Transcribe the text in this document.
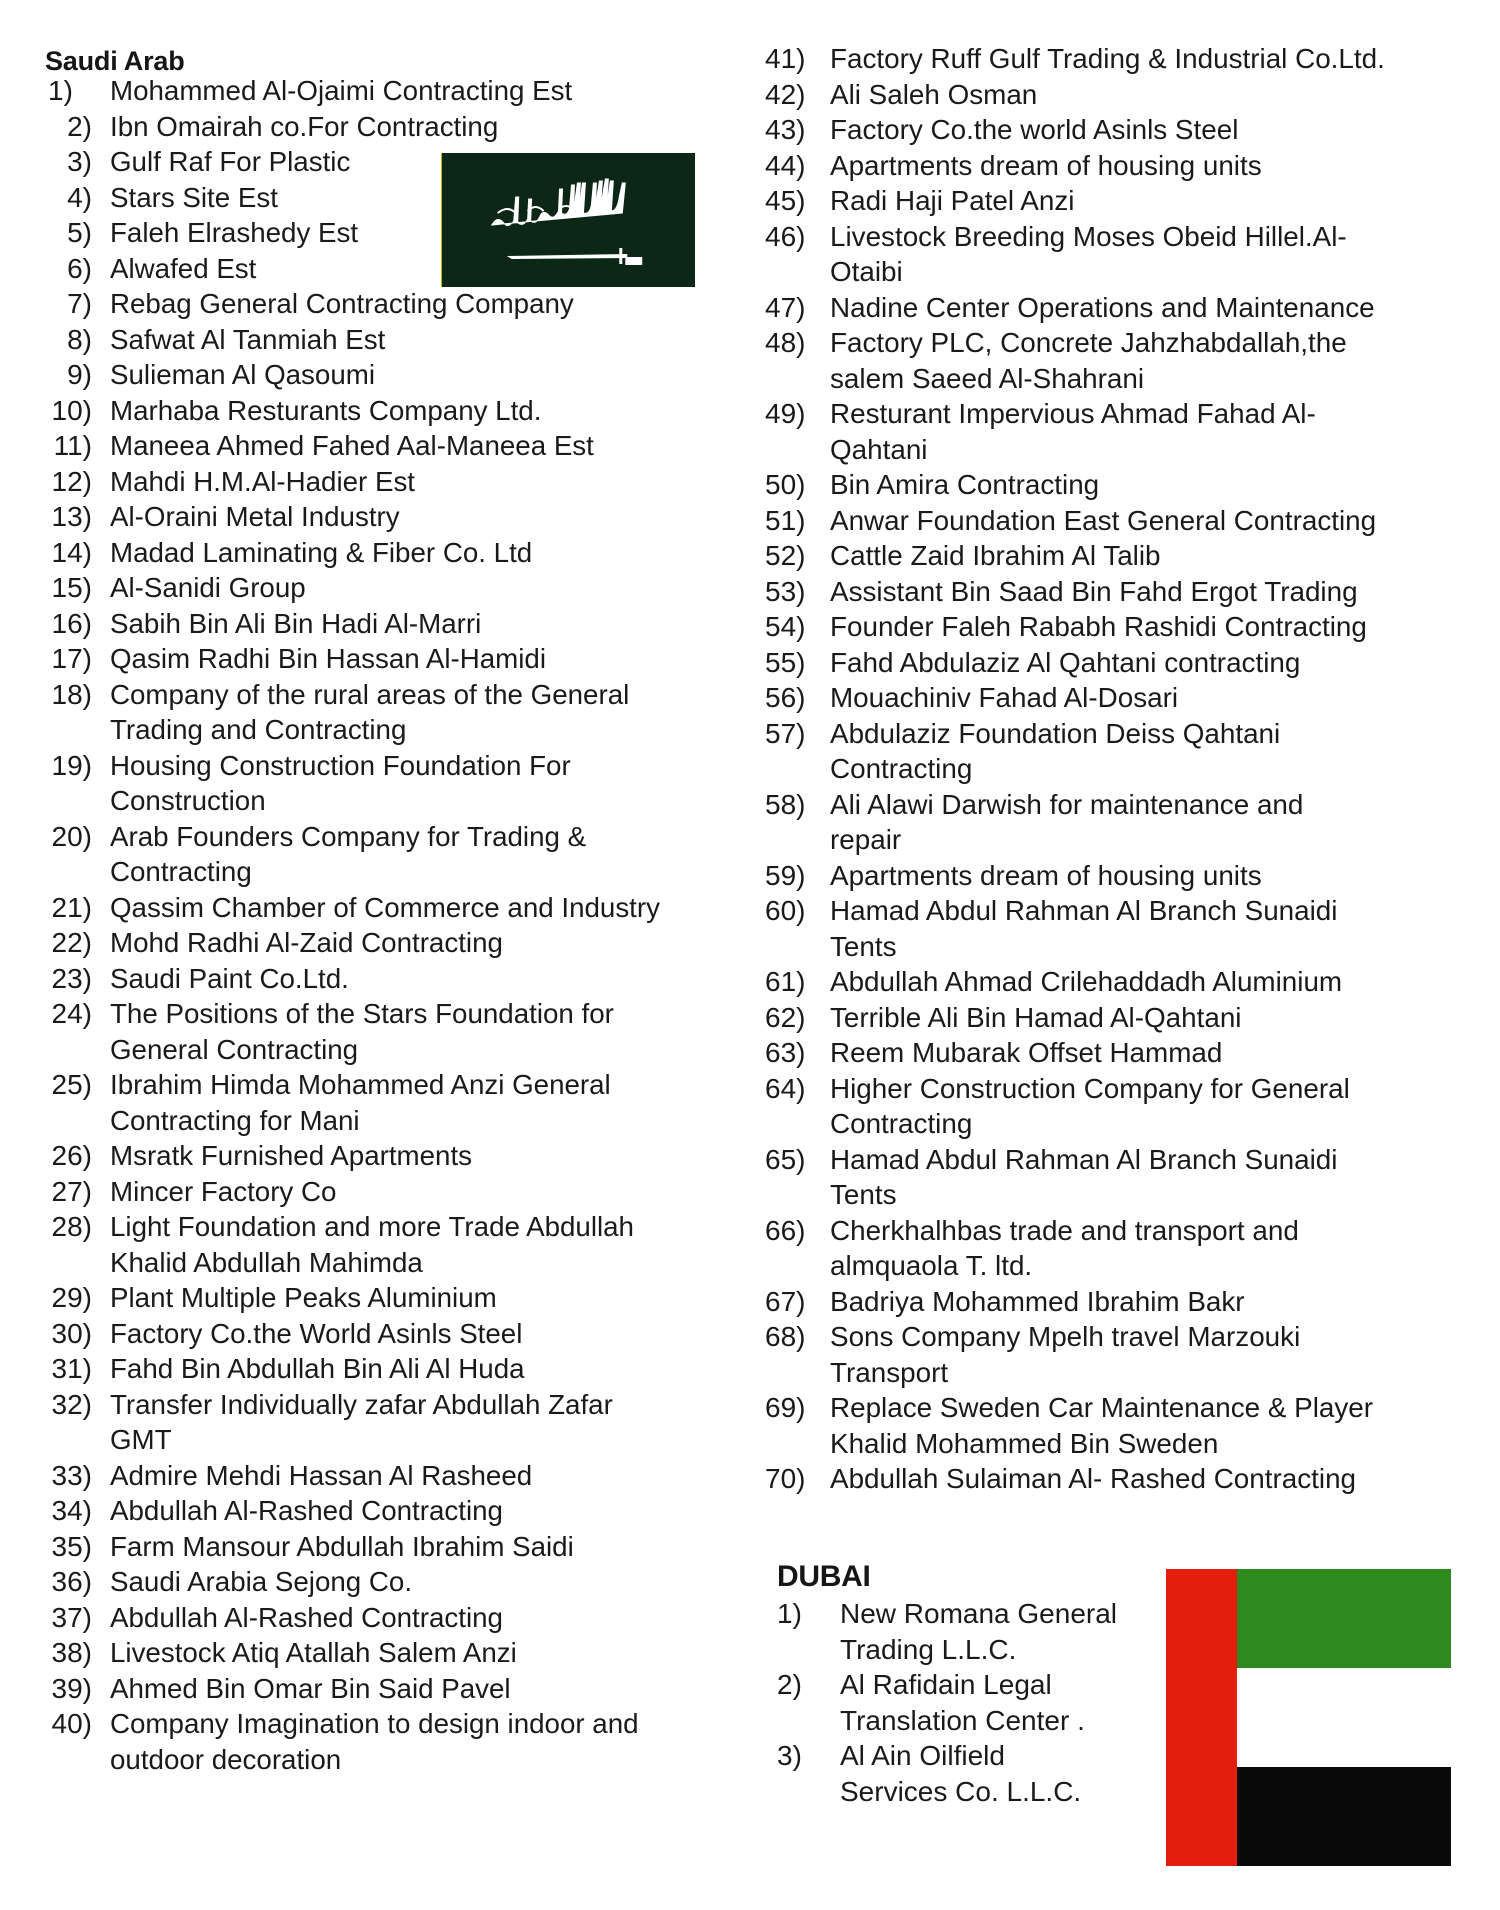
Saudi Arab
1)	Mohammed Al-Ojaimi Contracting Est
2) Ibn Omairah co.For Contracting
3) Gulf Raf For Plastic
4) Stars Site Est
5) Faleh Elrashedy Est
6) Alwafed Est
7) Rebag General Contracting Company
8) Safwat Al Tanmiah Est
9) Sulieman Al Qasoumi
10) Marhaba Resturants Company Ltd.
11) Maneea Ahmed Fahed Aal-Maneea Est
12) Mahdi H.M.Al-Hadier Est
13) Al-Oraini Metal Industry
14) Madad Laminating & Fiber Co. Ltd
15) Al-Sanidi Group
16) Sabih Bin Ali Bin Hadi Al-Marri
17) Qasim Radhi Bin Hassan Al-Hamidi
18) Company of the rural areas of the General
Trading and Contracting
19) Housing Construction Foundation For
Construction
20) Arab Founders Company for Trading &
Contracting
21) Qassim Chamber of Commerce and Industry
22) Mohd Radhi Al-Zaid Contracting
23) Saudi Paint Co.Ltd.
24) The Positions of the Stars Foundation for
General Contracting
25) Ibrahim Himda Mohammed Anzi General
Contracting for Mani
26) Msratk Furnished Apartments
27) Mincer Factory Co
28) Light Foundation and more Trade Abdullah
Khalid Abdullah Mahimda
29) Plant Multiple Peaks Aluminium
30) Factory Co.the World Asinls Steel
31) Fahd Bin Abdullah Bin Ali Al Huda
32) Transfer Individually zafar Abdullah Zafar
GMT
33) Admire Mehdi Hassan Al Rasheed
34) Abdullah Al-Rashed Contracting
35) Farm Mansour Abdullah Ibrahim Saidi
36) Saudi Arabia Sejong Co.
37) Abdullah Al-Rashed Contracting
38) Livestock Atiq Atallah Salem Anzi
39) Ahmed Bin Omar Bin Said Pavel
40) Company Imagination to design indoor and
outdoor decoration
41) Factory Ruff Gulf Trading & Industrial Co.Ltd.
42) Ali Saleh Osman
43) Factory Co.the world Asinls Steel
44) Apartments dream of housing units
45) Radi Haji Patel Anzi
46) Livestock Breeding Moses Obeid Hillel.Al-
Otaibi
47) Nadine Center Operations and Maintenance
48) Factory PLC, Concrete Jahzhabdallah,the
salem Saeed Al-Shahrani
49) Resturant Impervious Ahmad Fahad Al-
Qahtani
50) Bin Amira Contracting
51) Anwar Foundation East General Contracting
52) Cattle Zaid Ibrahim Al Talib
53) Assistant Bin Saad Bin Fahd Ergot Trading
54) Founder Faleh Rababh Rashidi Contracting
55) Fahd Abdulaziz Al Qahtani contracting
56) Mouachiniv Fahad Al-Dosari
57) Abdulaziz Foundation Deiss Qahtani
Contracting
58) Ali Alawi Darwish for maintenance and
repair
59) Apartments dream of housing units
60) Hamad Abdul Rahman Al Branch Sunaidi
Tents
61) Abdullah Ahmad Crilehaddadh Aluminium
62) Terrible Ali Bin Hamad Al-Qahtani
63) Reem Mubarak Offset Hammad
64) Higher Construction Company for General
Contracting
65) Hamad Abdul Rahman Al Branch Sunaidi
Tents
66) Cherkhalhbas trade and transport and
almquaola T. ltd.
67) Badriya Mohammed Ibrahim Bakr
68) Sons Company Mpelh travel Marzouki
Transport
69) Replace Sweden Car Maintenance & Player
Khalid Mohammed Bin Sweden
70) Abdullah Sulaiman Al- Rashed Contracting
DUBAI
1)	New Romana General
Trading L.L.C.
2)	Al Rafidain Legal
Translation Center .
3)	Al Ain Oilfield
Services Co. L.L.C.
